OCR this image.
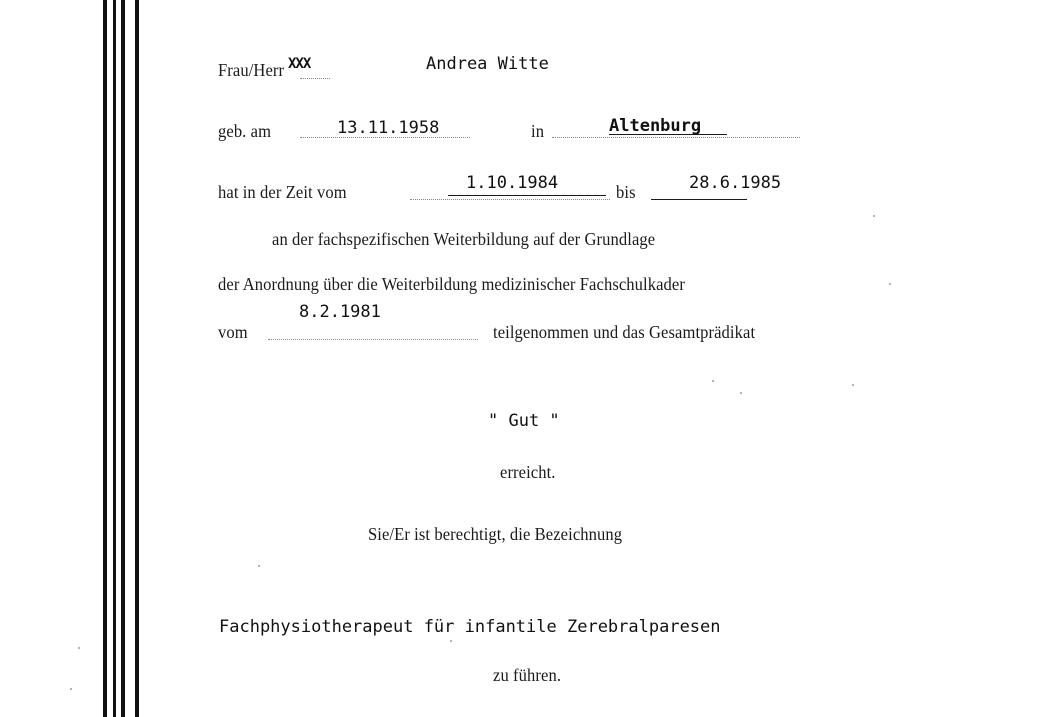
Frau/Herr XXX	Andrea Witte
geb. am	13.11.1958	in	Altenburg
hat in der Zeit vom	1.10.1984	bis	28.6.1985
an der fachspezifischen Weiterbildung auf der Grundlage
der Anordnung über die Weiterbildung medizinischer Fachschulkader
vom
8.2.1981
teilgenommen und das Gesamtprädikat
" Gut "
erreicht.
Sie/Er ist berechtigt, die Bezeichnung
Fachphysiotherapeut für infantile Zerebralparesen
zu führen.
